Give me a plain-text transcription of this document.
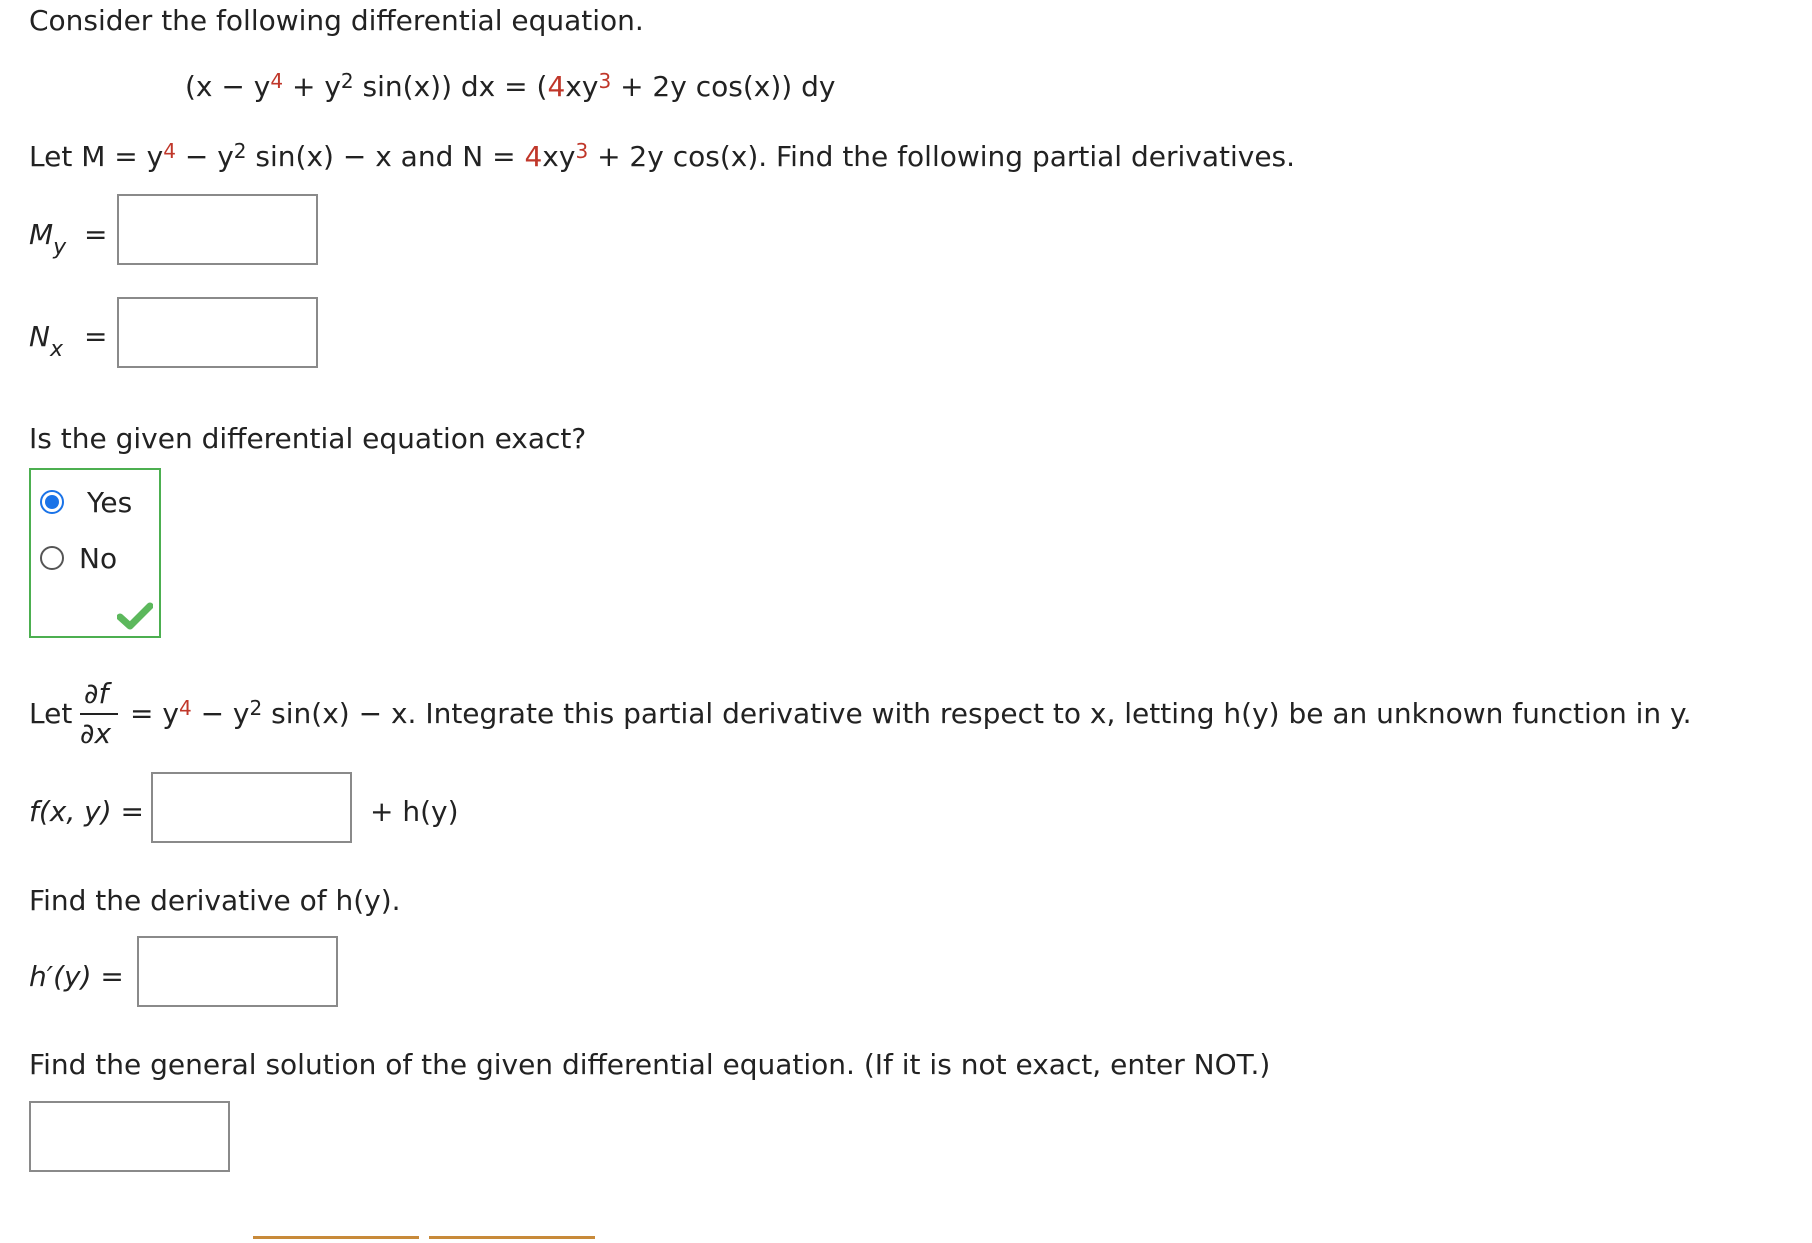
Consider the following differential equation.
($x - y^4 + y^2$ sin(x)) dx = ($4xy^3 + 2y$ cos(x)) dy
Let $M = y^4 - y^2$ sin(x) − x and $N = 4xy^3 + 2y$ cos(x). Find the following partial derivatives.
$M_y$ =
$N_x$ =
Is the given differential equation exact?
Yes
No
Let
∂f
∂x
= $y^4 - y^2$ sin(x) − x. Integrate this partial derivative with respect to x, letting h(y) be an unknown function in y.
f(x, y) =	+ h(y)
Find the derivative of h(y).
h′(y) =
Find the general solution of the given differential equation. (If it is not exact, enter NOT.)
